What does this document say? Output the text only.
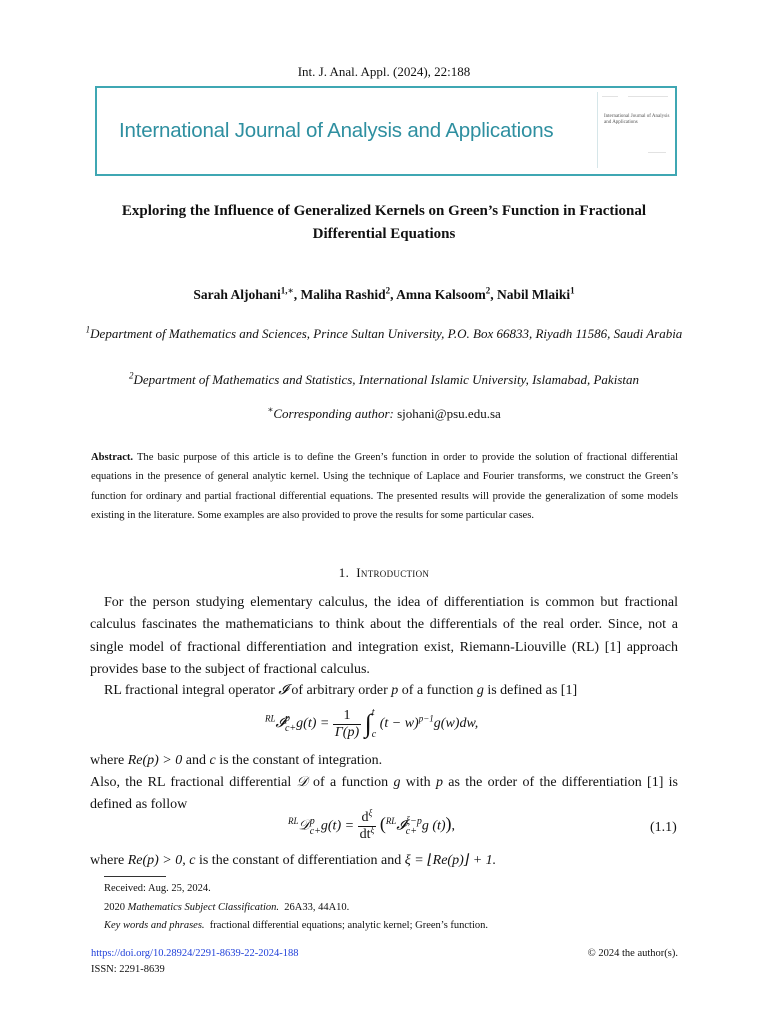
Int. J. Anal. Appl. (2024), 22:188
International Journal of Analysis and Applications
International Journal of Analysis and Applications
Exploring the Influence of Generalized Kernels on Green’s Function in Fractional Differential Equations
Sarah Aljohani$^{1,∗}$, Maliha Rashid$^2$, Amna Kalsoom$^2$, Nabil Mlaiki$^1$
$^1$Department of Mathematics and Sciences, Prince Sultan University, P.O. Box 66833, Riyadh 11586, Saudi Arabia
$^2$Department of Mathematics and Statistics, International Islamic University, Islamabad, Pakistan
∗Corresponding author: sjohani@psu.edu.sa
Abstract. The basic purpose of this article is to define the Green’s function in order to provide the solution of fractional differential equations in the presence of general analytic kernel. Using the technique of Laplace and Fourier transforms, we construct the Green’s function for ordinary and partial fractional differential equations. The presented results will provide the generalization of some models existing in the literature. Some examples are also provided to prove the results for some particular cases.
1. Introduction
For the person studying elementary calculus, the idea of differentiation is common but fractional calculus fascinates the mathematicians to think about the differentials of the real order. Since, not a single model of fractional differentiation and integration exist, Riemann-Liouville (RL) [1] approach provides base to the subject of fractional calculus.
RL fractional integral operator 𝓘 of arbitrary order p of a function g is defined as [1]
$^{RL}$𝓘 p
$c+ g(t) = \frac{1}{\Gamma(p)}$ ∫ t
c
$(t - w)^{p-1}g(w)dw$,
where Re(p) > 0 and c is the constant of integration.
Also, the RL fractional differential 𝒟 of a function g with p as the order of the differentiation [1] is defined as follow
$^{RL}$𝒟 p
$c+ g(t) = \frac{d^\xi}{dt^\xi}$ ($^{RL}$𝓘 ξ−p
c+ g (t)),	(1.1)
where Re(p) > 0, c is the constant of differentiation and ξ = ⌊Re(p)⌋ + 1.
Received: Aug. 25, 2024.
2020 Mathematics Subject Classification. 26A33, 44A10.
Key words and phrases. fractional differential equations; analytic kernel; Green’s function.
https://doi.org/10.28924/2291-8639-22-2024-188
ISSN: 2291-8639
© 2024 the author(s).
